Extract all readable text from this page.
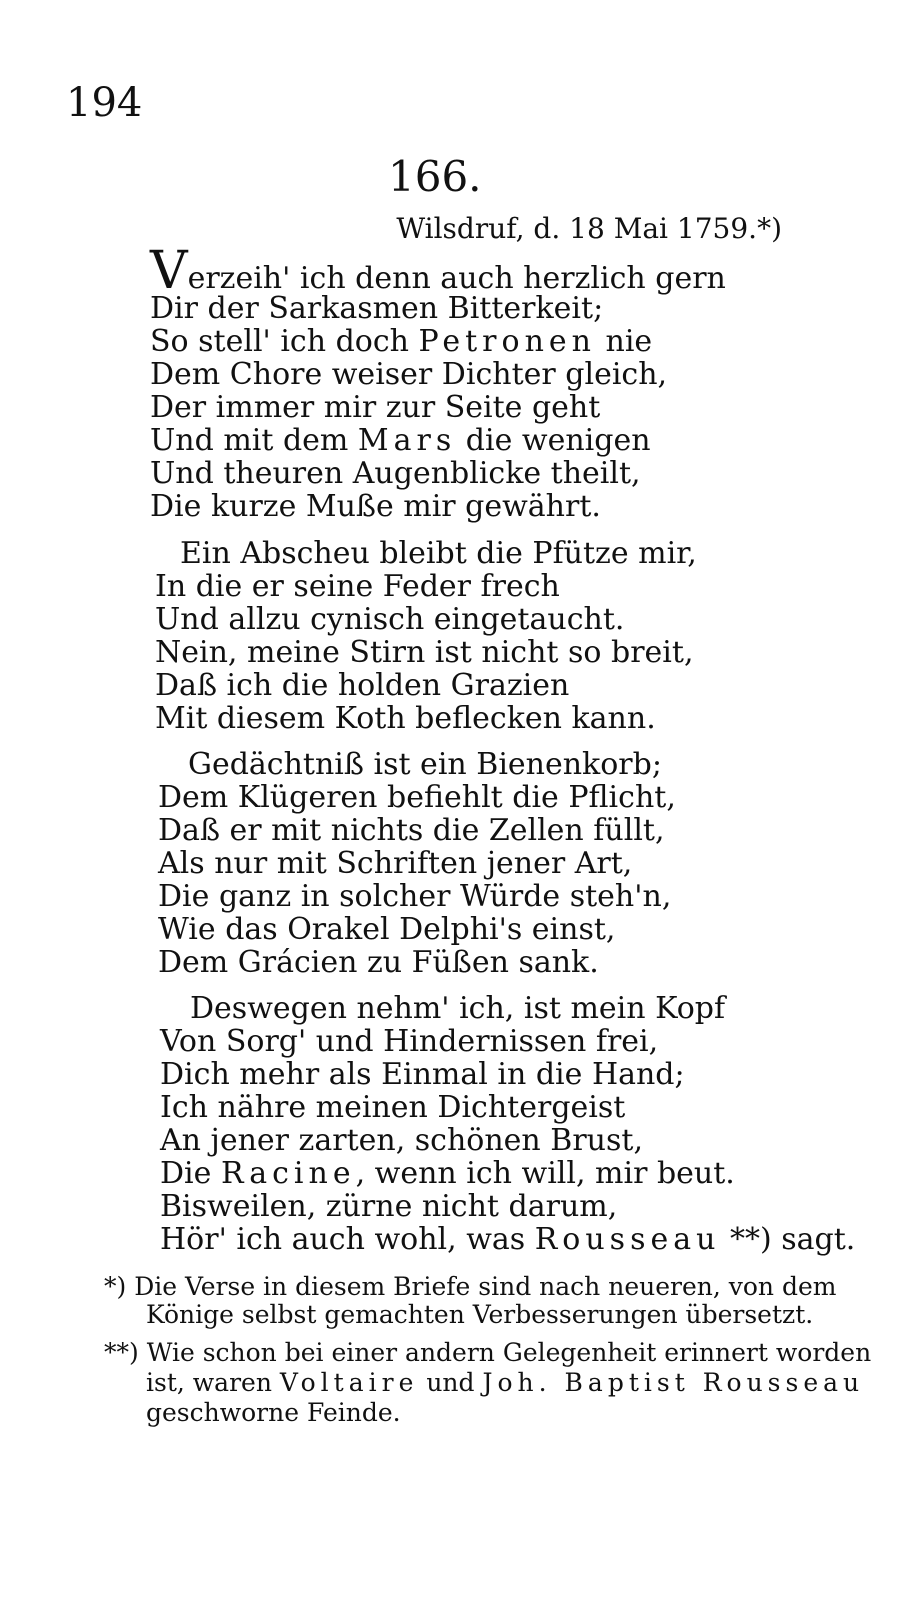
194
166.
Wilsdruf, d. 18 Mai 1759.*)
Verzeih' ich denn auch herzlich gern
Dir der Sarkasmen Bitterkeit;
So stell' ich doch Petronen nie
Dem Chore weiser Dichter gleich,
Der immer mir zur Seite geht
Und mit dem Mars die wenigen
Und theuren Augenblicke theilt,
Die kurze Muße mir gewährt.
Ein Abscheu bleibt die Pfütze mir,
In die er seine Feder frech
Und allzu cynisch eingetaucht.
Nein, meine Stirn ist nicht so breit,
Daß ich die holden Grazien
Mit diesem Koth beflecken kann.
Gedächtniß ist ein Bienenkorb;
Dem Klügeren befiehlt die Pflicht,
Daß er mit nichts die Zellen füllt,
Als nur mit Schriften jener Art,
Die ganz in solcher Würde steh'n,
Wie das Orakel Delphi's einst,
Dem Grácien zu Füßen sank.
Deswegen nehm' ich, ist mein Kopf
Von Sorg' und Hindernissen frei,
Dich mehr als Einmal in die Hand;
Ich nähre meinen Dichtergeist
An jener zarten, schönen Brust,
Die Racine, wenn ich will, mir beut.
Bisweilen, zürne nicht darum,
Hör' ich auch wohl, was Rousseau **) sagt.
*) Die Verse in diesem Briefe sind nach neueren, von dem
Könige selbst gemachten Verbesserungen übersetzt.
**) Wie schon bei einer andern Gelegenheit erinnert worden
ist, waren Voltaire und Joh. Baptist Rousseau
geschworne Feinde.
